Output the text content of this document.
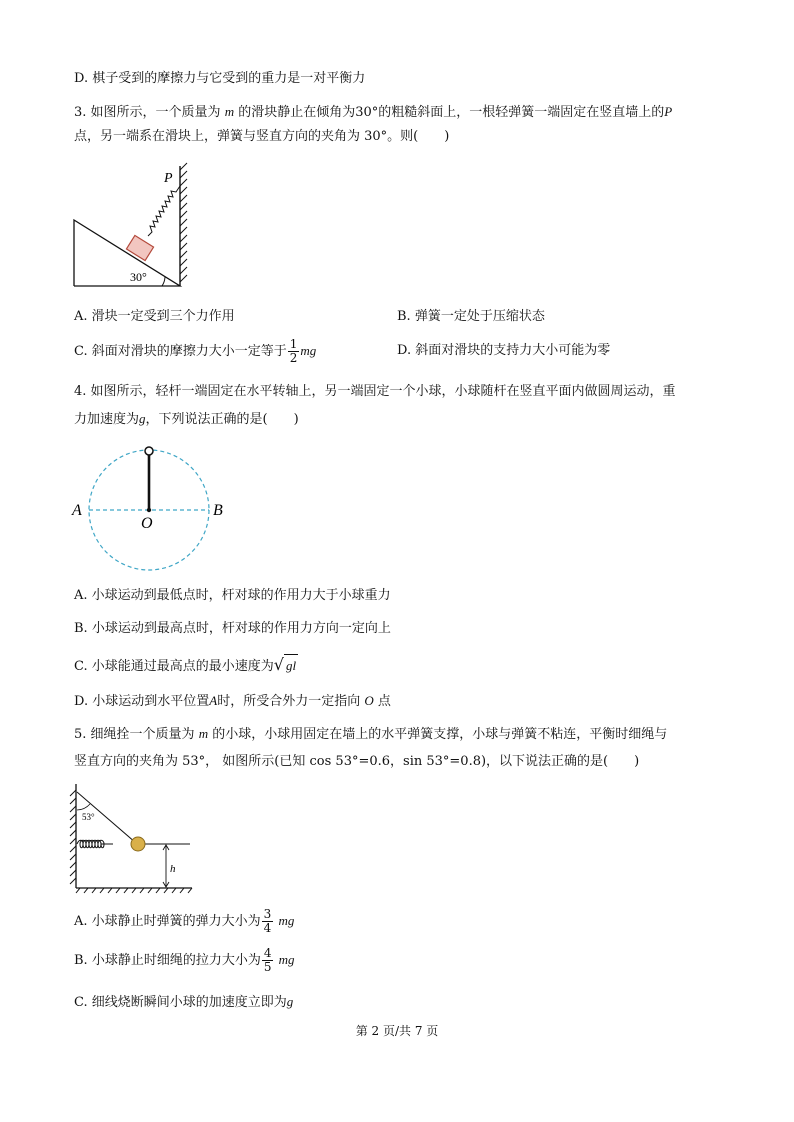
D. 棋子受到的摩擦力与它受到的重力是一对平衡力
3. 如图所示，一个质量为 m 的滑块静止在倾角为30°的粗糙斜面上，一根轻弹簧一端固定在竖直墙上的P
点，另一端系在滑块上，弹簧与竖直方向的夹角为 30°。则(　　)
30°
P
A. 滑块一定受到三个力作用	B. 弹簧一定处于压缩状态
C. 斜面对滑块的摩擦力大小一定等于 $\frac{1}{2}$ mg	D. 斜面对滑块的支持力大小可能为零
4. 如图所示，轻杆一端固定在水平转轴上，另一端固定一个小球，小球随杆在竖直平面内做圆周运动，重
力加速度为g，下列说法正确的是(　　)
A	B
O
A. 小球运动到最低点时，杆对球的作用力大于小球重力
B. 小球运动到最高点时，杆对球的作用力方向一定向上
C. 小球能通过最高点的最小速度为√ gl
D. 小球运动到水平位置A时，所受合外力一定指向 O 点
5. 细绳拴一个质量为 m 的小球，小球用固定在墙上的水平弹簧支撑，小球与弹簧不粘连，平衡时细绳与
竖直方向的夹角为 53°， 如图所示(已知 cos 53°=0.6，sin 53°=0.8)，以下说法正确的是(　　)
53°
h
A. 小球静止时弹簧的弹力大小为 $\frac{3}{4}$ mg
B. 小球静止时细绳的拉力大小为 $\frac{4}{5}$ mg
C. 细线烧断瞬间小球的加速度立即为g
第 2 页/共 7 页
